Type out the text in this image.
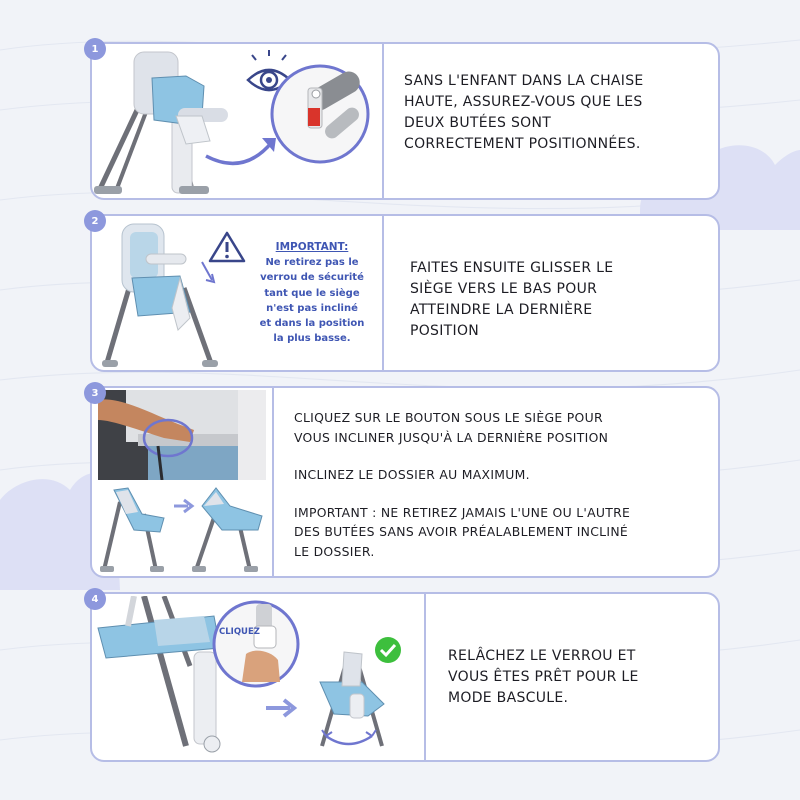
1
SANS L'ENFANT DANS LA CHAISE
HAUTE, ASSUREZ-VOUS QUE LES
DEUX BUTÉES SONT
CORRECTEMENT POSITIONNÉES.
2
IMPORTANT:
Ne retirez pas le
verrou de sécurité
tant que le siège
n'est pas incliné
et dans la position
la plus basse.
FAITES ENSUITE GLISSER LE
SIÈGE VERS LE BAS POUR
ATTEINDRE LA DERNIÈRE
POSITION
3

CLIQUEZ SUR LE BOUTON SOUS LE SIÈGE POUR
VOUS INCLINER JUSQU'À LA DERNIÈRE POSITION

INCLINEZ LE DOSSIER AU MAXIMUM.

IMPORTANT : NE RETIREZ JAMAIS L'UNE OU L'AUTRE
DES BUTÉES SANS AVOIR PRÉALABLEMENT INCLINÉ
LE DOSSIER.

4
CLIQUEZ
RELÂCHEZ LE VERROU ET
VOUS ÊTES PRÊT POUR LE
MODE BASCULE.
